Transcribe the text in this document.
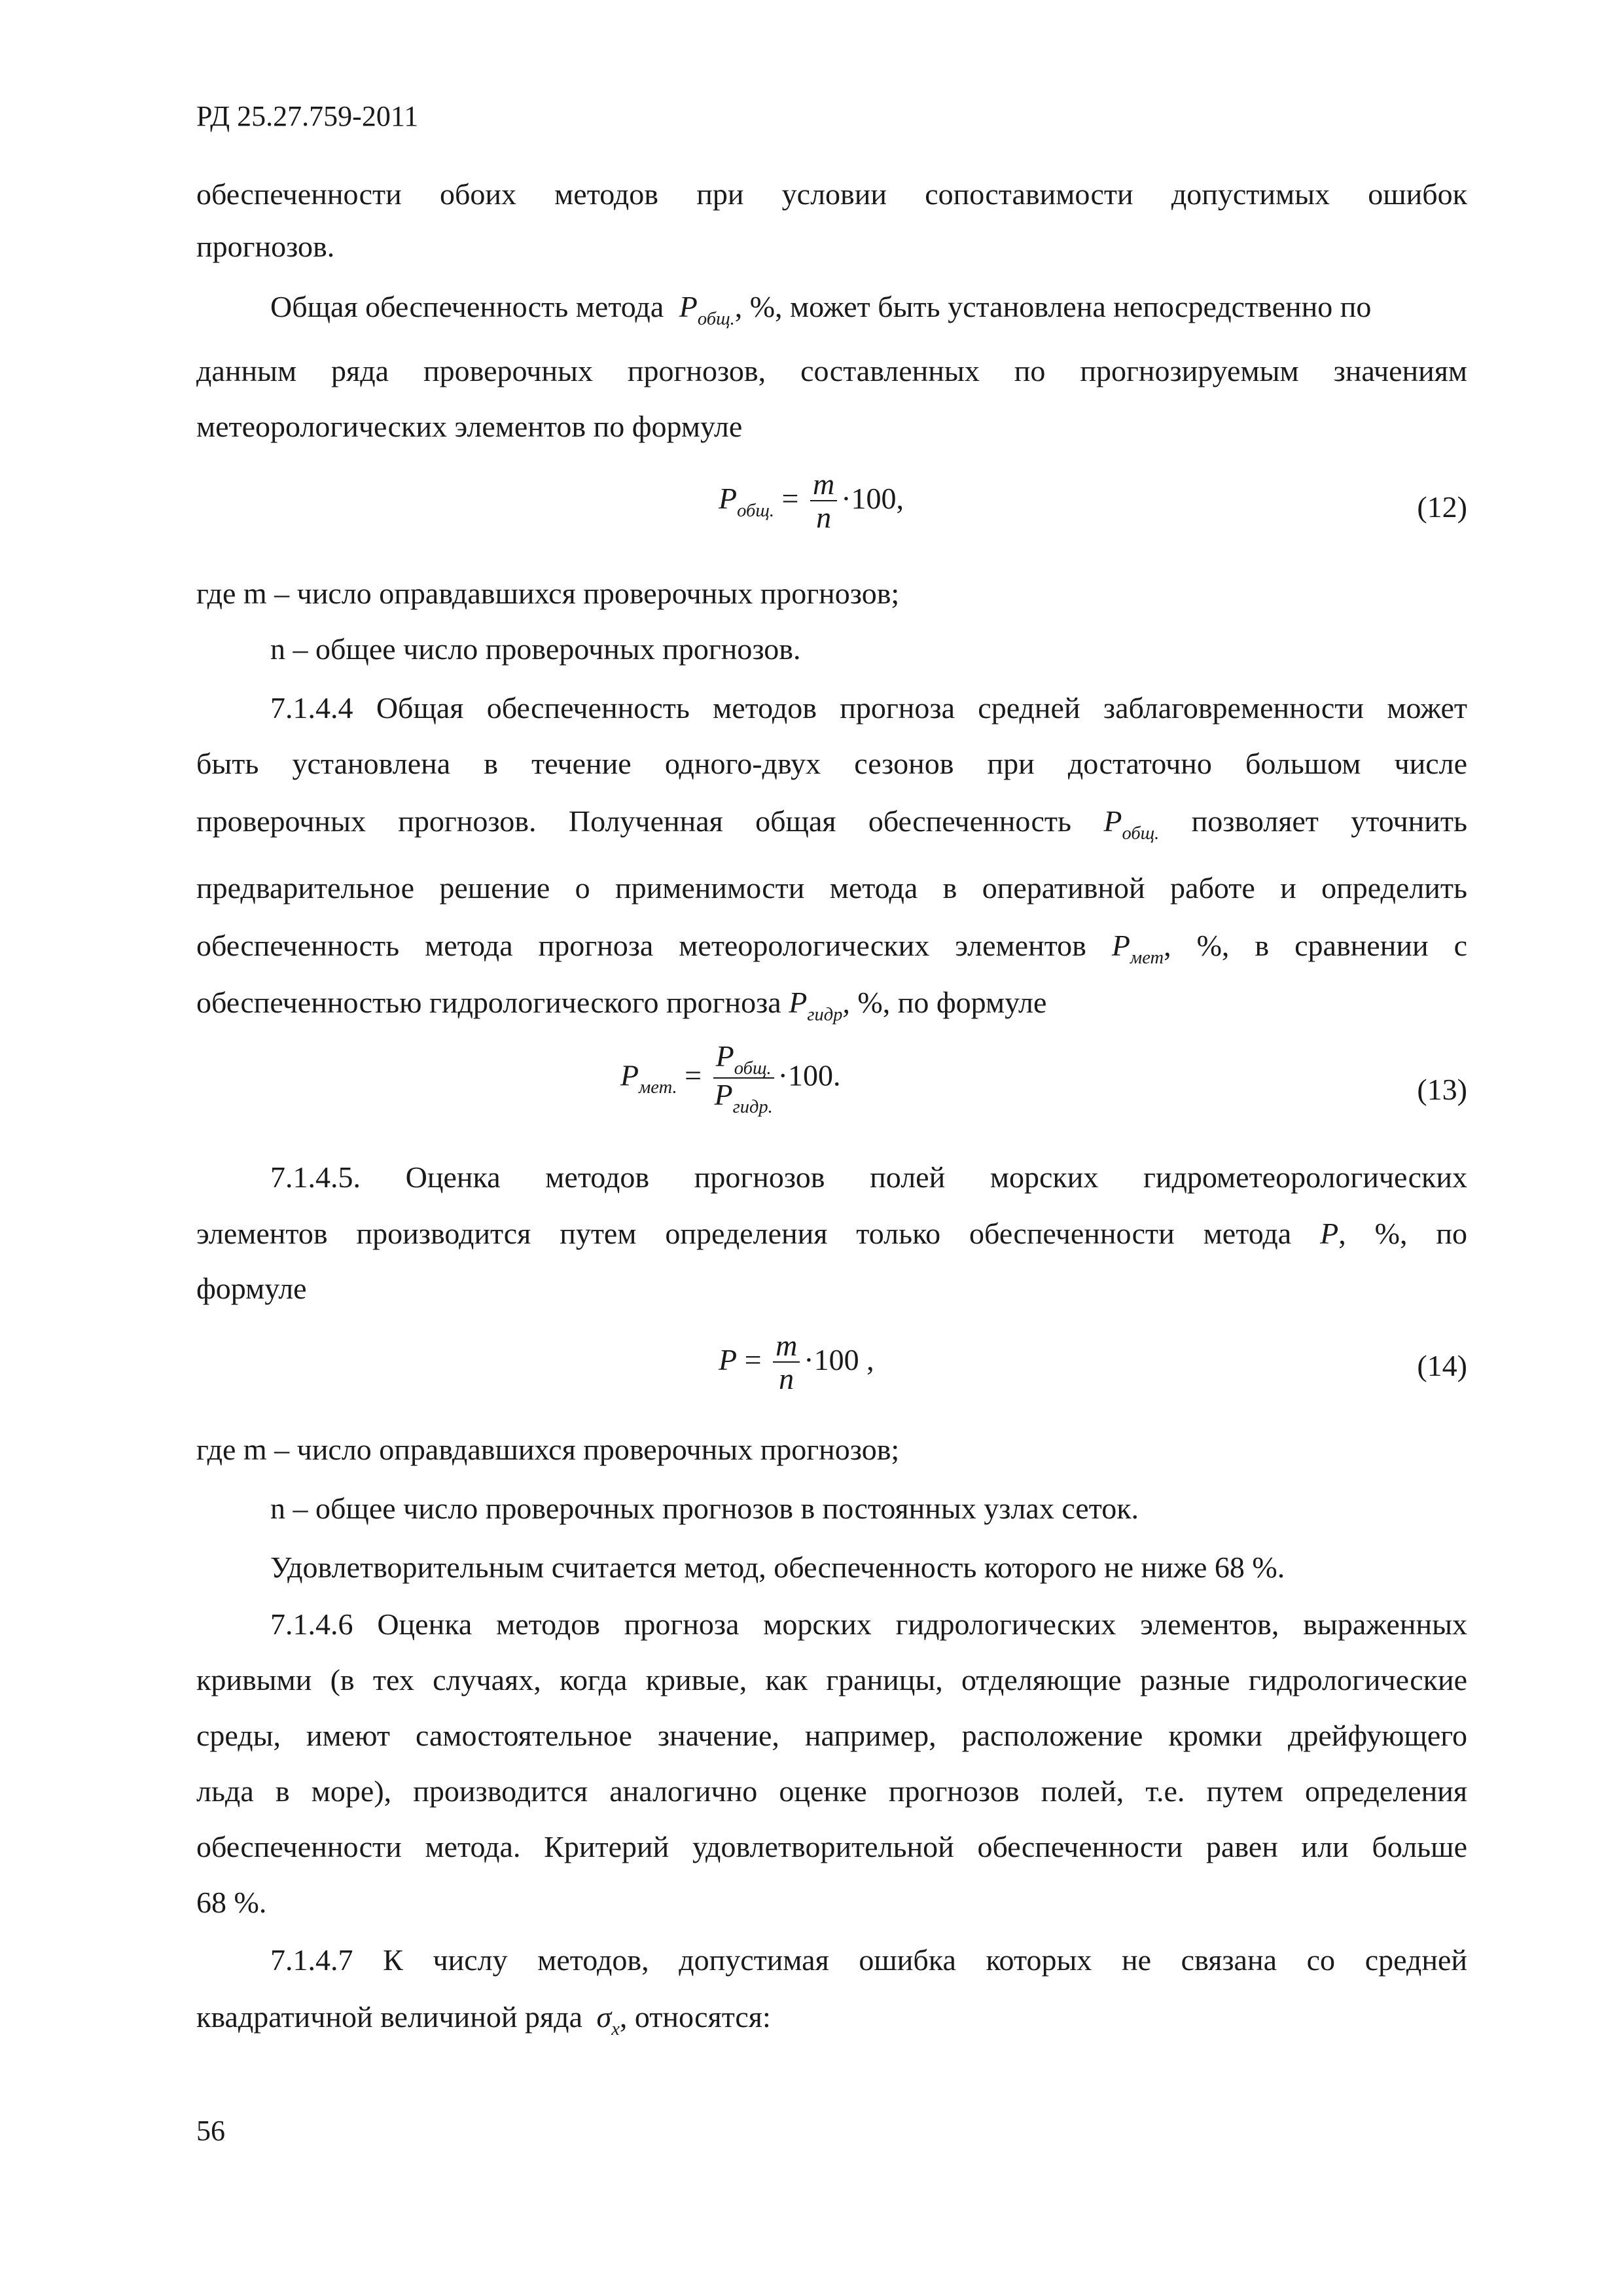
РД 25.27.759-2011
обеспеченности обоих методов при условии сопоставимости допустимых ошибок
прогнозов.
Общая обеспеченность метода $P_{общ.}$, %, может быть установлена непосредственно по
данным ряда проверочных прогнозов, составленных по прогнозируемым значениям
метеорологических элементов по формуле
$P_{общ.} = \frac{m}{n} \cdot 100$,	(12)
где m – число оправдавшихся проверочных прогнозов;
n – общее число проверочных прогнозов.
7.1.4.4 Общая обеспеченность методов прогноза средней заблаговременности может
быть установлена в течение одного-двух сезонов при достаточно большом числе
проверочных прогнозов. Полученная общая обеспеченность $P_{общ.}$ позволяет уточнить
предварительное решение о применимости метода в оперативной работе и определить
обеспеченность метода прогноза метеорологических элементов $P_{мет}$, %, в сравнении с
обеспеченностью гидрологического прогноза $P_{гидр}$, %, по формуле
$P_{мет.} = \frac{P_{общ.}}{P_{гидр.}} \cdot 100$.	(13)
7.1.4.5. Оценка методов прогнозов полей морских гидрометеорологических
элементов производится путем определения только обеспеченности метода P, %, по
формуле
$P = \frac{m}{n} \cdot 100$ ,	(14)
где m – число оправдавшихся проверочных прогнозов;
n – общее число проверочных прогнозов в постоянных узлах сеток.
Удовлетворительным считается метод, обеспеченность которого не ниже 68 %.
7.1.4.6 Оценка методов прогноза морских гидрологических элементов, выраженных
кривыми (в тех случаях, когда кривые, как границы, отделяющие разные гидрологические
среды, имеют самостоятельное значение, например, расположение кромки дрейфующего
льда в море), производится аналогично оценке прогнозов полей, т.е. путем определения
обеспеченности метода. Критерий удовлетворительной обеспеченности равен или больше
68 %.
7.1.4.7 К числу методов, допустимая ошибка которых не связана со средней
квадратичной величиной ряда $\sigma_x$, относятся:
56
